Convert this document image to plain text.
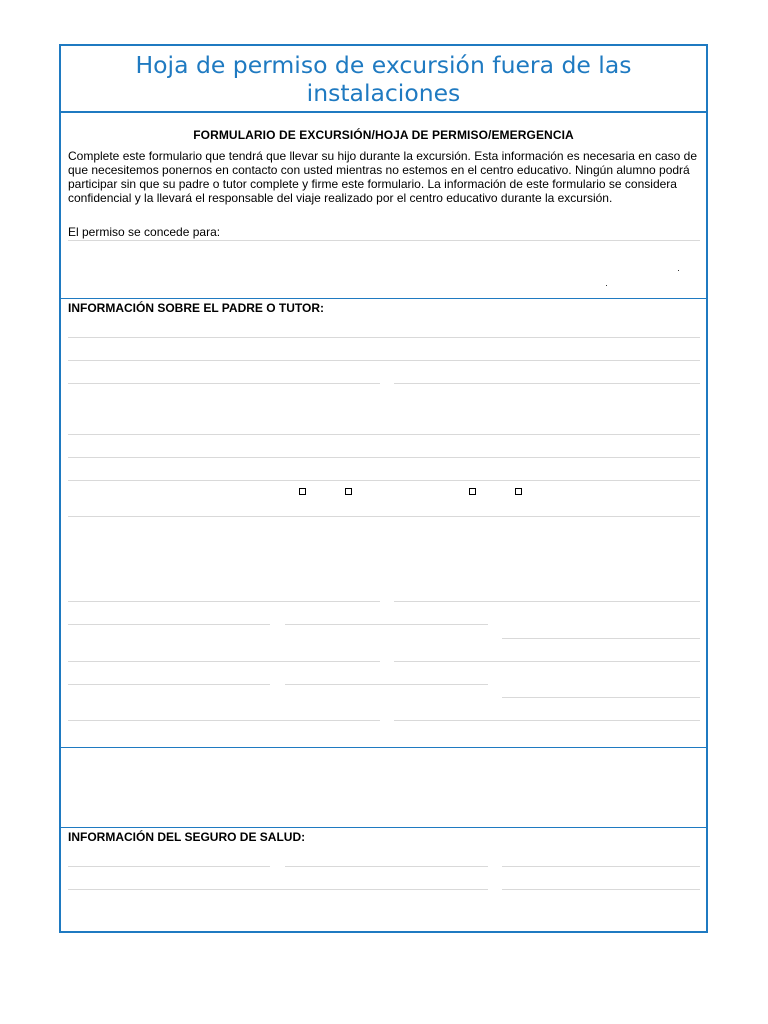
Hoja de permiso de excursión fuera de las instalaciones
FORMULARIO DE EXCURSIÓN/HOJA DE PERMISO/EMERGENCIA
Complete este formulario que tendrá que llevar su hijo durante la excursión. Esta información es necesaria en caso de que necesitemos ponernos en contacto con usted mientras no estemos en el centro educativo. Ningún alumno podrá participar sin que su padre o tutor complete y firme este formulario. La información de este formulario se considera confidencial y la llevará el responsable del viaje realizado por el centro educativo durante la excursión.
El permiso se concede para:
INFORMACIÓN SOBRE EL PADRE O TUTOR:
INFORMACIÓN DEL SEGURO DE SALUD:
